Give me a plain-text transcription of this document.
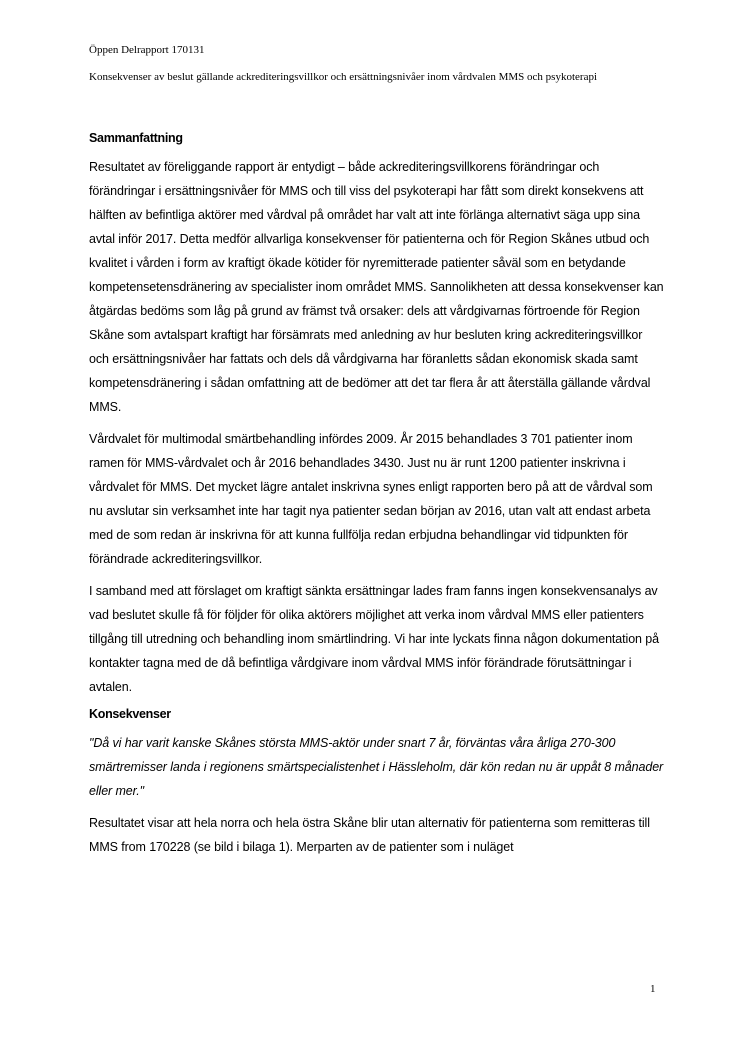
Öppen Delrapport 170131
Konsekvenser av beslut gällande ackrediteringsvillkor och ersättningsnivåer inom vårdvalen MMS och psykoterapi
Sammanfattning

Resultatet av föreliggande rapport är entydigt – både ackrediteringsvillkorens förändringar och förändringar i ersättningsnivåer för MMS och till viss del psykoterapi har fått som direkt konsekvens att hälften av befintliga aktörer med vårdval på området har valt att inte förlänga alternativt säga upp sina avtal inför 2017. Detta medför allvarliga konsekvenser för patienterna och för Region Skånes utbud och kvalitet i vården i form av kraftigt ökade kötider för nyremitterade patienter såväl som en betydande kompetensetensdränering av specialister inom området MMS. Sannolikheten att dessa konsekvenser kan åtgärdas bedöms som låg på grund av främst två orsaker: dels att vårdgivarnas förtroende för Region Skåne som avtalspart kraftigt har försämrats med anledning av hur besluten kring ackrediteringsvillkor och ersättningsnivåer har fattats och dels då vårdgivarna har föranletts sådan ekonomisk skada samt kompetensdränering i sådan omfattning att de bedömer att det tar flera år att återställa gällande vårdval MMS.

Vårdvalet för multimodal smärtbehandling infördes 2009. År 2015 behandlades 3 701 patienter inom ramen för MMS-vårdvalet och år 2016 behandlades 3430. Just nu är runt 1200 patienter inskrivna i vårdvalet för MMS. Det mycket lägre antalet inskrivna synes enligt rapporten bero på att de vårdval som nu avslutar sin verksamhet inte har tagit nya patienter sedan början av 2016, utan valt att endast arbeta med de som redan är inskrivna för att kunna fullfölja redan erbjudna behandlingar vid tidpunkten för förändrade ackrediteringsvillkor.

I samband med att förslaget om kraftigt sänkta ersättningar lades fram fanns ingen konsekvensanalys av vad beslutet skulle få för följder för olika aktörers möjlighet att verka inom vårdval MMS eller patienters tillgång till utredning och behandling inom smärtlindring. Vi har inte lyckats finna någon dokumentation på kontakter tagna med de då befintliga vårdgivare inom vårdval MMS inför förändrade förutsättningar i avtalen.

Konsekvenser

"Då vi har varit kanske Skånes största MMS-aktör under snart 7 år, förväntas våra årliga 270-300 smärtremisser landa i regionens smärtspecialistenhet i Hässleholm, där kön redan nu är uppåt 8 månader eller mer."

Resultatet visar att hela norra och hela östra Skåne blir utan alternativ för patienterna som remitteras till MMS from 170228 (se bild i bilaga 1). Merparten av de patienter som i nuläget

1
